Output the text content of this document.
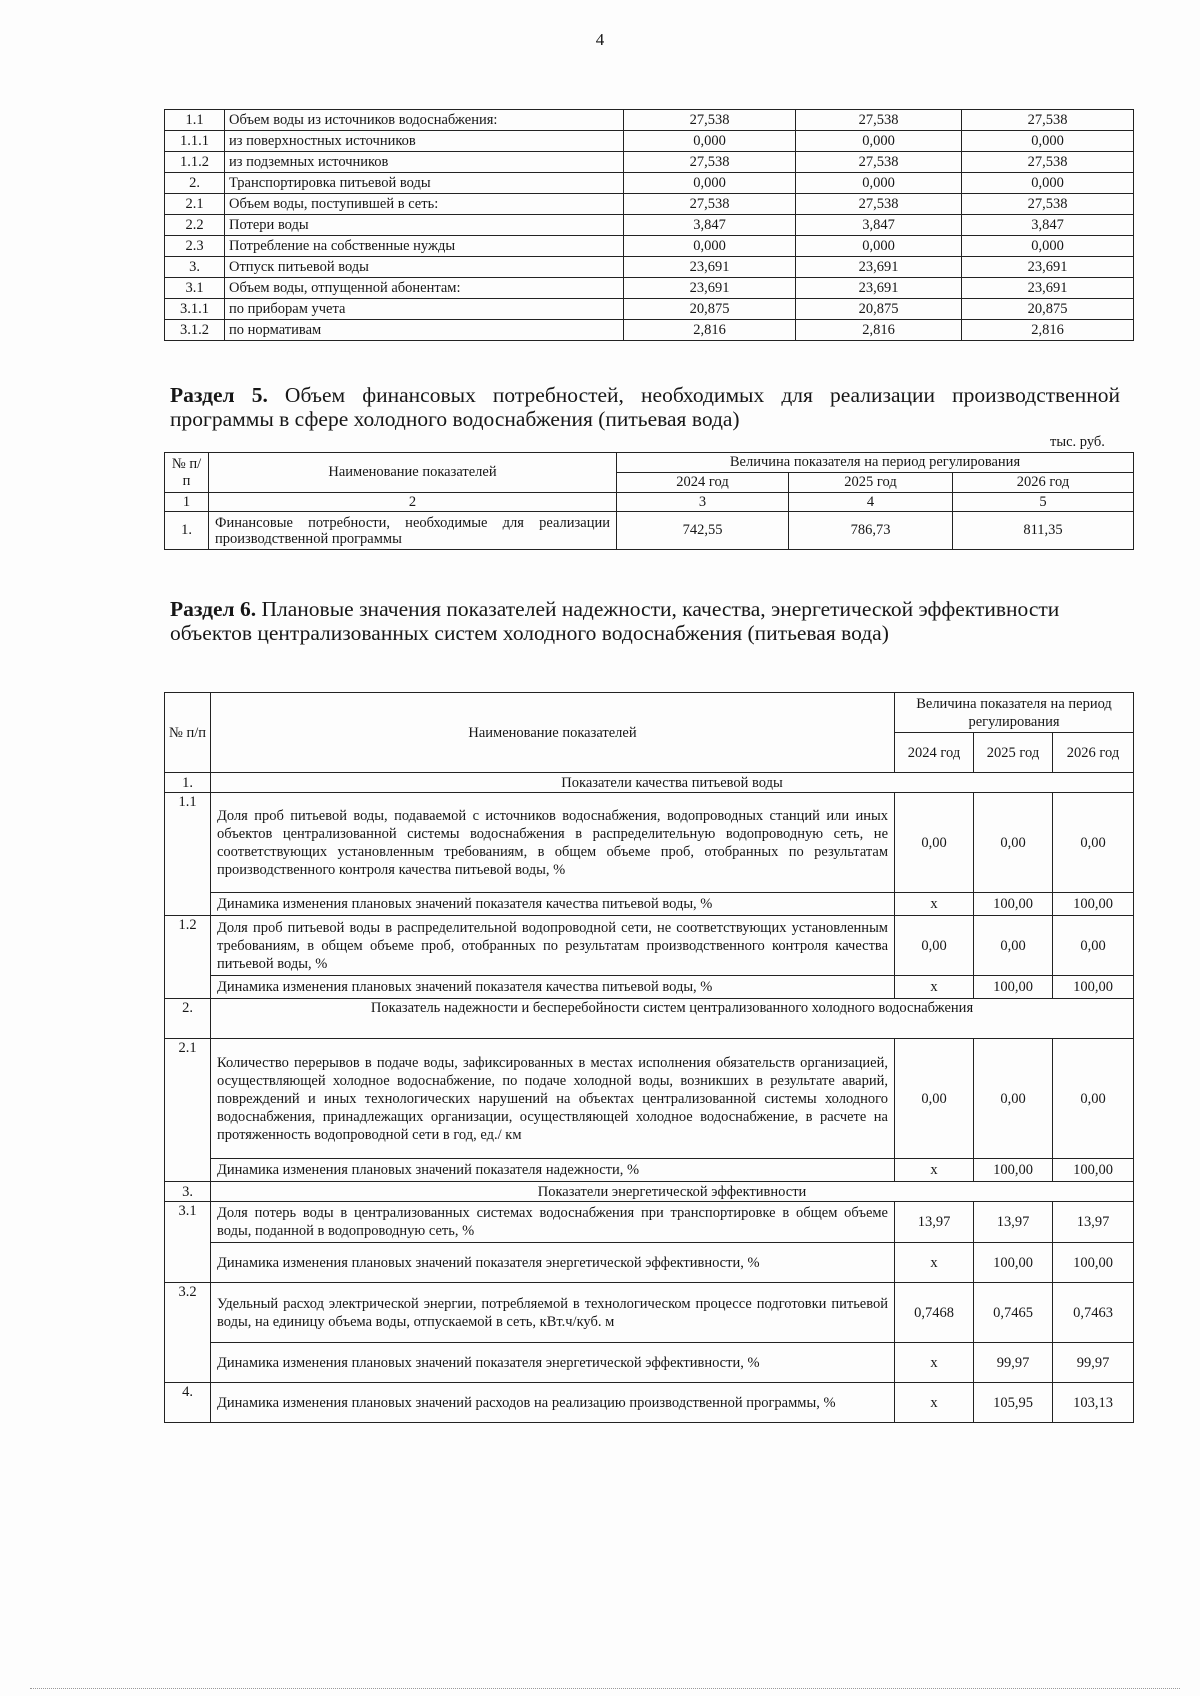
4
1.1	Объем воды из источников водоснабжения:	27,538	27,538	27,538
1.1.1	из поверхностных источников	0,000	0,000	0,000
1.1.2	из подземных источников	27,538	27,538	27,538
2.	Транспортировка питьевой воды	0,000	0,000	0,000
2.1	Объем воды, поступившей в сеть:	27,538	27,538	27,538
2.2	Потери воды	3,847	3,847	3,847
2.3	Потребление на собственные нужды	0,000	0,000	0,000
3.	Отпуск питьевой воды	23,691	23,691	23,691
3.1	Объем воды, отпущенной абонентам:	23,691	23,691	23,691
3.1.1	по приборам учета	20,875	20,875	20,875
3.1.2	по нормативам	2,816	2,816	2,816
Раздел 5. Объем финансовых потребностей, необходимых для реализации производственной программы в сфере холодного водоснабжения (питьевая вода)
тыс. руб.
№ п/п	Наименование показателей	Величина показателя на период регулирования		
		2024 год	2025 год	2026 год
1	2	3	4	5
1.	Финансовые потребности, необходимые для реализации производственной программы	742,55	786,73	811,35
Раздел 6. Плановые значения показателей надежности, качества, энергетической эффективности объектов централизованных систем холодного водоснабжения (питьевая вода)
№ п/п	Наименование показателей	Величина показателя на период регулирования		
		2024 год	2025 год	2026 год
1.	Показатели качества питьевой воды			
1.1	Доля проб питьевой воды, подаваемой с источников водоснабжения, водопроводных станций или иных объектов централизованной системы водоснабжения в распределительную водопроводную сеть, не соответствующих установленным требованиям, в общем объеме проб, отобранных по результатам производственного контроля качества питьевой воды, %	0,00	0,00	0,00
	Динамика изменения плановых значений показателя качества питьевой воды, %	x	100,00	100,00
1.2	Доля проб питьевой воды в распределительной водопроводной сети, не соответствующих установленным требованиям, в общем объеме проб, отобранных по результатам производственного контроля качества питьевой воды, %	0,00	0,00	0,00
	Динамика изменения плановых значений показателя качества питьевой воды, %	x	100,00	100,00
2.	Показатель надежности и бесперебойности систем централизованного холодного водоснабжения			
2.1	Количество перерывов в подаче воды, зафиксированных в местах исполнения обязательств организацией, осуществляющей холодное водоснабжение, по подаче холодной воды, возникших в результате аварий, повреждений и иных технологических нарушений на объектах централизованной системы холодного водоснабжения, принадлежащих организации, осуществляющей холодное водоснабжение, в расчете на протяженность водопроводной сети в год, ед./ км	0,00	0,00	0,00
	Динамика изменения плановых значений показателя надежности, %	x	100,00	100,00
3.	Показатели энергетической эффективности			
3.1	Доля потерь воды в централизованных системах водоснабжения при транспортировке в общем объеме воды, поданной в водопроводную сеть, %	13,97	13,97	13,97
	Динамика изменения плановых значений показателя энергетической эффективности, %	x	100,00	100,00
3.2	Удельный расход электрической энергии, потребляемой в технологическом процессе подготовки питьевой воды, на единицу объема воды, отпускаемой в сеть, кВт.ч/куб. м	0,7468	0,7465	0,7463
	Динамика изменения плановых значений показателя энергетической эффективности, %	x	99,97	99,97
4.	Динамика изменения плановых значений расходов на реализацию производственной программы, %	x	105,95	103,13
